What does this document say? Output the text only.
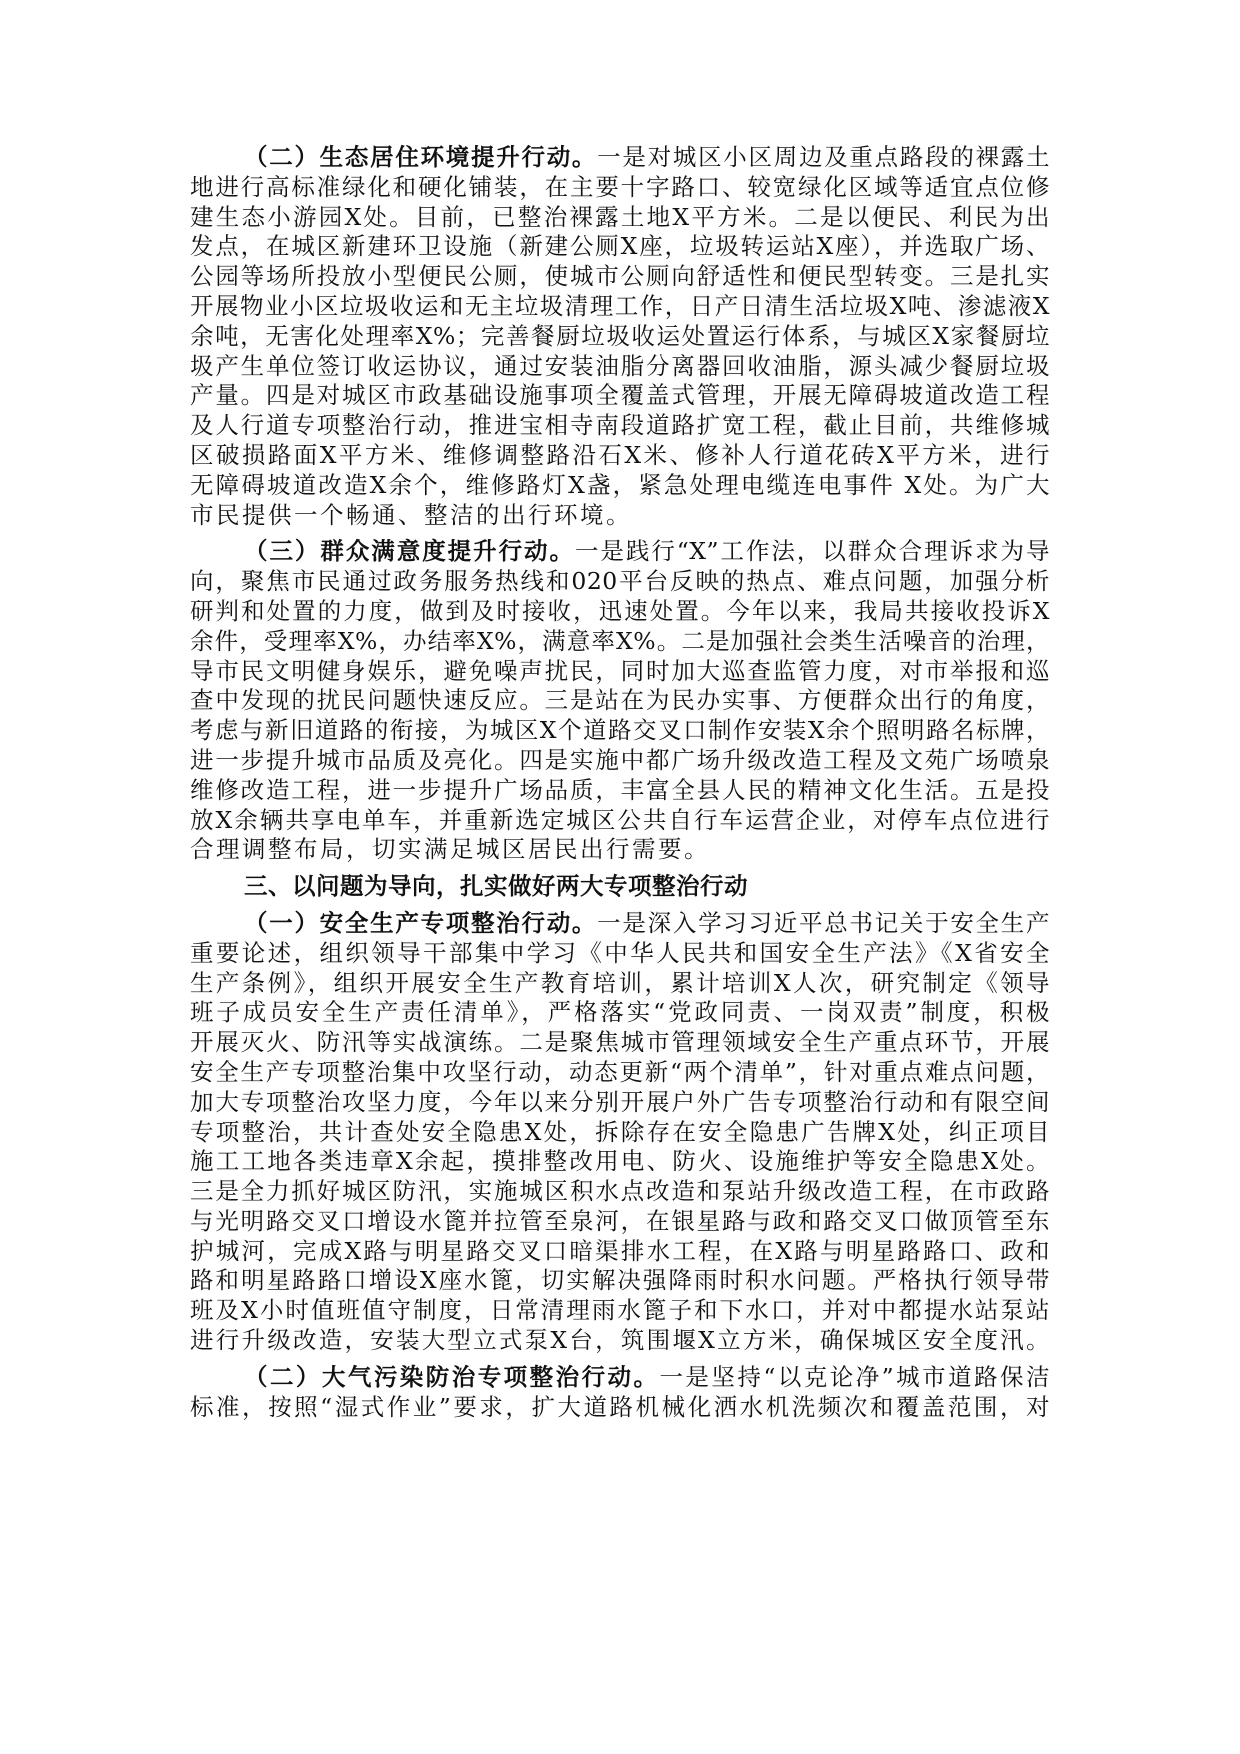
（二）生态居住环境提升行动。一是对城区小区周边及重点路段的裸露土
地进行高标准绿化和硬化铺装，在主要十字路口、较宽绿化区域等适宜点位修
建生态小游园X处。目前，已整治裸露土地X平方米。二是以便民、利民为出
发点，在城区新建环卫设施（新建公厕X座，垃圾转运站X座），并选取广场、
公园等场所投放小型便民公厕，使城市公厕向舒适性和便民型转变。三是扎实
开展物业小区垃圾收运和无主垃圾清理工作，日产日清生活垃圾X吨、渗滤液X
余吨，无害化处理率X%；完善餐厨垃圾收运处置运行体系，与城区X家餐厨垃
圾产生单位签订收运协议，通过安装油脂分离器回收油脂，源头减少餐厨垃圾
产量。四是对城区市政基础设施事项全覆盖式管理，开展无障碍坡道改造工程
及人行道专项整治行动，推进宝相寺南段道路扩宽工程，截止目前，共维修城
区破损路面X平方米、维修调整路沿石X米、修补人行道花砖X平方米，进行
无障碍坡道改造X余个，维修路灯X盏，紧急处理电缆连电事件 X处。为广大
市民提供一个畅通、整洁的出行环境。
（三）群众满意度提升行动。一是践行“X”工作法，以群众合理诉求为导
向，聚焦市民通过政务服务热线和020平台反映的热点、难点问题，加强分析
研判和处置的力度，做到及时接收，迅速处置。今年以来，我局共接收投诉X
余件，受理率X%，办结率X%，满意率X%。二是加强社会类生活噪音的治理，
导市民文明健身娱乐，避免噪声扰民，同时加大巡查监管力度，对市举报和巡
查中发现的扰民问题快速反应。三是站在为民办实事、方便群众出行的角度，
考虑与新旧道路的衔接，为城区X个道路交叉口制作安装X余个照明路名标牌，
进一步提升城市品质及亮化。四是实施中都广场升级改造工程及文苑广场喷泉
维修改造工程，进一步提升广场品质，丰富全县人民的精神文化生活。五是投
放X余辆共享电单车，并重新选定城区公共自行车运营企业，对停车点位进行
合理调整布局，切实满足城区居民出行需要。
三、以问题为导向，扎实做好两大专项整治行动
（一）安全生产专项整治行动。一是深入学习习近平总书记关于安全生产
重要论述，组织领导干部集中学习《中华人民共和国安全生产法》《X省安全
生产条例》，组织开展安全生产教育培训，累计培训X人次，研究制定《领导
班子成员安全生产责任清单》，严格落实“党政同责、一岗双责”制度，积极
开展灭火、防汛等实战演练。二是聚焦城市管理领域安全生产重点环节，开展
安全生产专项整治集中攻坚行动，动态更新“两个清单”，针对重点难点问题，
加大专项整治攻坚力度，今年以来分别开展户外广告专项整治行动和有限空间
专项整治，共计查处安全隐患X处，拆除存在安全隐患广告牌X处，纠正项目
施工工地各类违章X余起，摸排整改用电、防火、设施维护等安全隐患X处。
三是全力抓好城区防汛，实施城区积水点改造和泵站升级改造工程，在市政路
与光明路交叉口增设水篦并拉管至泉河，在银星路与政和路交叉口做顶管至东
护城河，完成X路与明星路交叉口暗渠排水工程，在X路与明星路路口、政和
路和明星路路口增设X座水篦，切实解决强降雨时积水问题。严格执行领导带
班及X小时值班值守制度，日常清理雨水篦子和下水口，并对中都提水站泵站
进行升级改造，安装大型立式泵X台，筑围堰X立方米，确保城区安全度汛。
（二）大气污染防治专项整治行动。一是坚持“以克论净”城市道路保洁
标准，按照“湿式作业”要求，扩大道路机械化洒水机洗频次和覆盖范围，对
